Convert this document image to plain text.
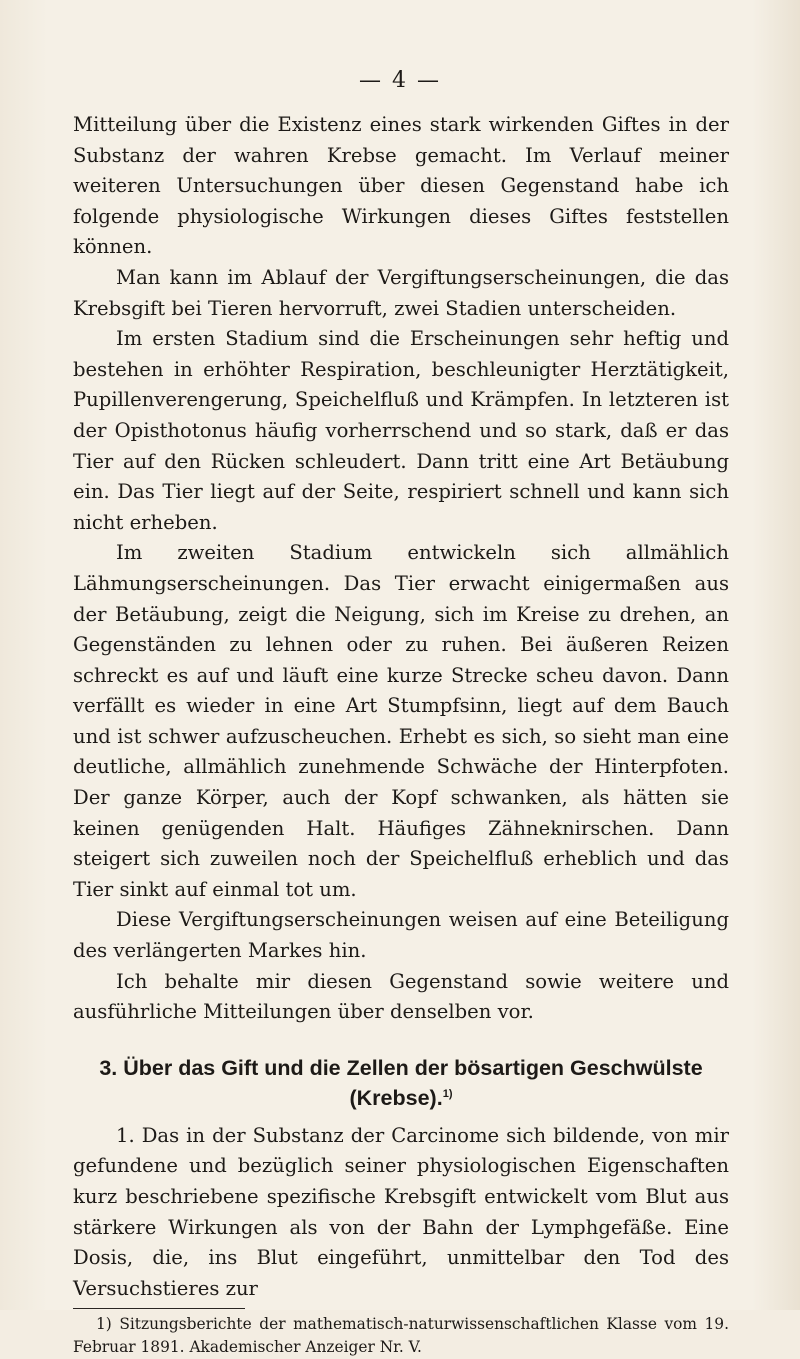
— 4 —

Mitteilung über die Existenz eines stark wirkenden Giftes in der Substanz der wahren Krebse gemacht. Im Verlauf meiner weiteren Untersuchungen über diesen Gegenstand habe ich folgende physiologische Wirkungen dieses Giftes feststellen können.

Man kann im Ablauf der Vergiftungserscheinungen, die das Krebsgift bei Tieren hervorruft, zwei Stadien unterscheiden.

Im ersten Stadium sind die Erscheinungen sehr heftig und bestehen in erhöhter Respiration, beschleunigter Herztätigkeit, Pupillenverengerung, Speichelfluß und Krämpfen. In letzteren ist der Opisthotonus häufig vorherrschend und so stark, daß er das Tier auf den Rücken schleudert. Dann tritt eine Art Betäubung ein. Das Tier liegt auf der Seite, respiriert schnell und kann sich nicht erheben.

Im zweiten Stadium entwickeln sich allmählich Lähmungserscheinungen. Das Tier erwacht einigermaßen aus der Betäubung, zeigt die Neigung, sich im Kreise zu drehen, an Gegenständen zu lehnen oder zu ruhen. Bei äußeren Reizen schreckt es auf und läuft eine kurze Strecke scheu davon. Dann verfällt es wieder in eine Art Stumpfsinn, liegt auf dem Bauch und ist schwer aufzuscheuchen. Erhebt es sich, so sieht man eine deutliche, allmählich zunehmende Schwäche der Hinterpfoten. Der ganze Körper, auch der Kopf schwanken, als hätten sie keinen genügenden Halt. Häufiges Zähneknirschen. Dann steigert sich zuweilen noch der Speichelfluß erheblich und das Tier sinkt auf einmal tot um.

Diese Vergiftungserscheinungen weisen auf eine Beteiligung des verlängerten Markes hin.

Ich behalte mir diesen Gegenstand sowie weitere und ausführliche Mitteilungen über denselben vor.

3. Über das Gift und die Zellen der bösartigen Geschwülste (Krebse).$^{1)}$

1. Das in der Substanz der Carcinome sich bildende, von mir gefundene und bezüglich seiner physiologischen Eigenschaften kurz beschriebene spezifische Krebsgift entwickelt vom Blut aus stärkere Wirkungen als von der Bahn der Lymphgefäße. Eine Dosis, die, ins Blut eingeführt, unmittelbar den Tod des Versuchstieres zur

1) Sitzungsberichte der mathematisch-naturwissenschaftlichen Klasse vom 19. Februar 1891. Akademischer Anzeiger Nr. V.
